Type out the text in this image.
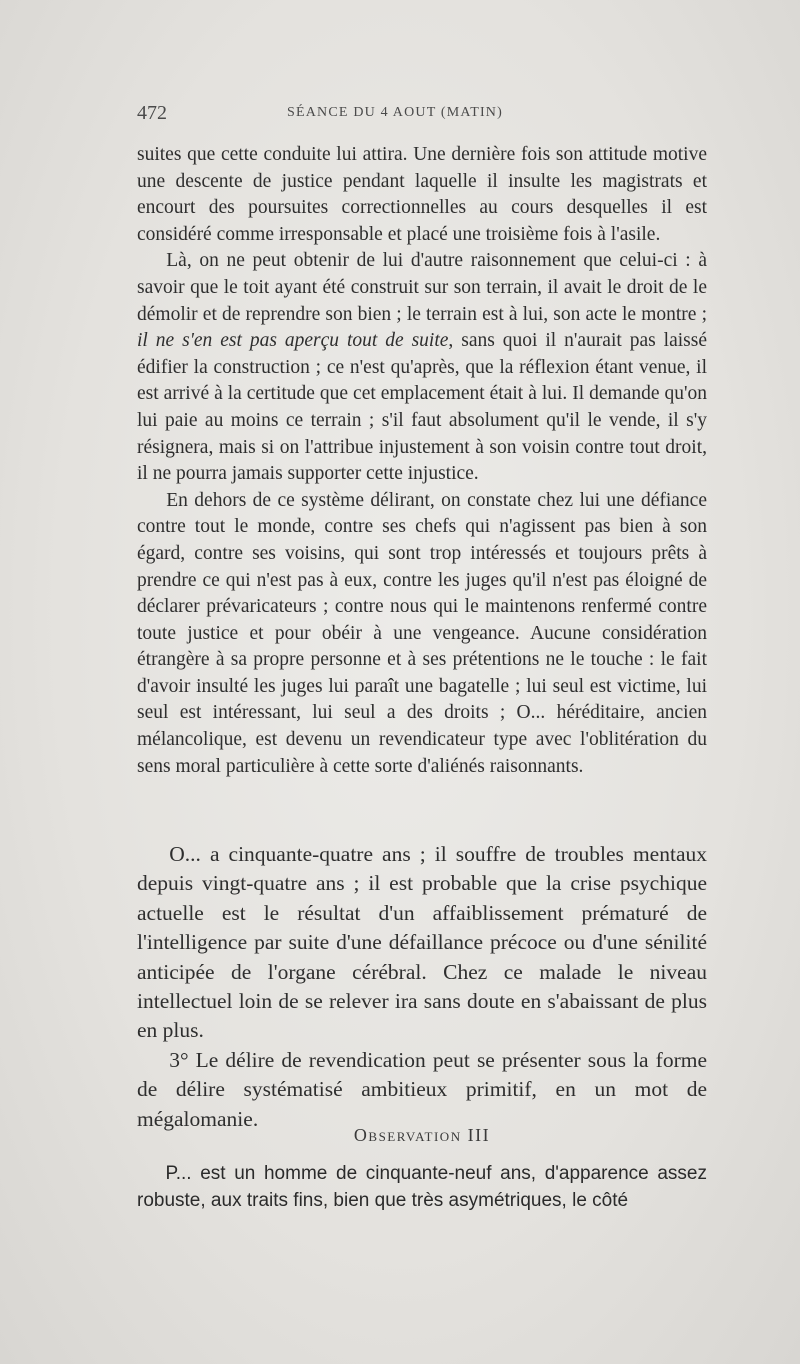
472	SÉANCE DU 4 AOUT (MATIN)

suites que cette conduite lui attira. Une dernière fois son attitude motive une descente de justice pendant laquelle il insulte les magistrats et encourt des poursuites correctionnelles au cours desquelles il est considéré comme irresponsable et placé une troisième fois à l'asile.

Là, on ne peut obtenir de lui d'autre raisonnement que celui-ci : à savoir que le toit ayant été construit sur son terrain, il avait le droit de le démolir et de reprendre son bien ; le terrain est à lui, son acte le montre ; il ne s'en est pas aperçu tout de suite, sans quoi il n'aurait pas laissé édifier la construction ; ce n'est qu'après, que la réflexion étant venue, il est arrivé à la certitude que cet emplacement était à lui. Il demande qu'on lui paie au moins ce terrain ; s'il faut absolument qu'il le vende, il s'y résignera, mais si on l'attribue injustement à son voisin contre tout droit, il ne pourra jamais supporter cette injustice.

En dehors de ce système délirant, on constate chez lui une défiance contre tout le monde, contre ses chefs qui n'agissent pas bien à son égard, contre ses voisins, qui sont trop intéressés et toujours prêts à prendre ce qui n'est pas à eux, contre les juges qu'il n'est pas éloigné de déclarer prévaricateurs ; contre nous qui le maintenons renfermé contre toute justice et pour obéir à une vengeance. Aucune considération étrangère à sa propre personne et à ses prétentions ne le touche : le fait d'avoir insulté les juges lui paraît une bagatelle ; lui seul est victime, lui seul est intéressant, lui seul a des droits ; O... héréditaire, ancien mélancolique, est devenu un revendicateur type avec l'oblitération du sens moral particulière à cette sorte d'aliénés raisonnants.

O... a cinquante-quatre ans ; il souffre de troubles mentaux depuis vingt-quatre ans ; il est probable que la crise psychique actuelle est le résultat d'un affaiblissement prématuré de l'intelligence par suite d'une défaillance précoce ou d'une sénilité anticipée de l'organe cérébral. Chez ce malade le niveau intellectuel loin de se relever ira sans doute en s'abaissant de plus en plus.

3° Le délire de revendication peut se présenter sous la forme de délire systématisé ambitieux primitif, en un mot de mégalomanie.

Observation III

P... est un homme de cinquante-neuf ans, d'apparence assez robuste, aux traits fins, bien que très asymétriques, le côté
